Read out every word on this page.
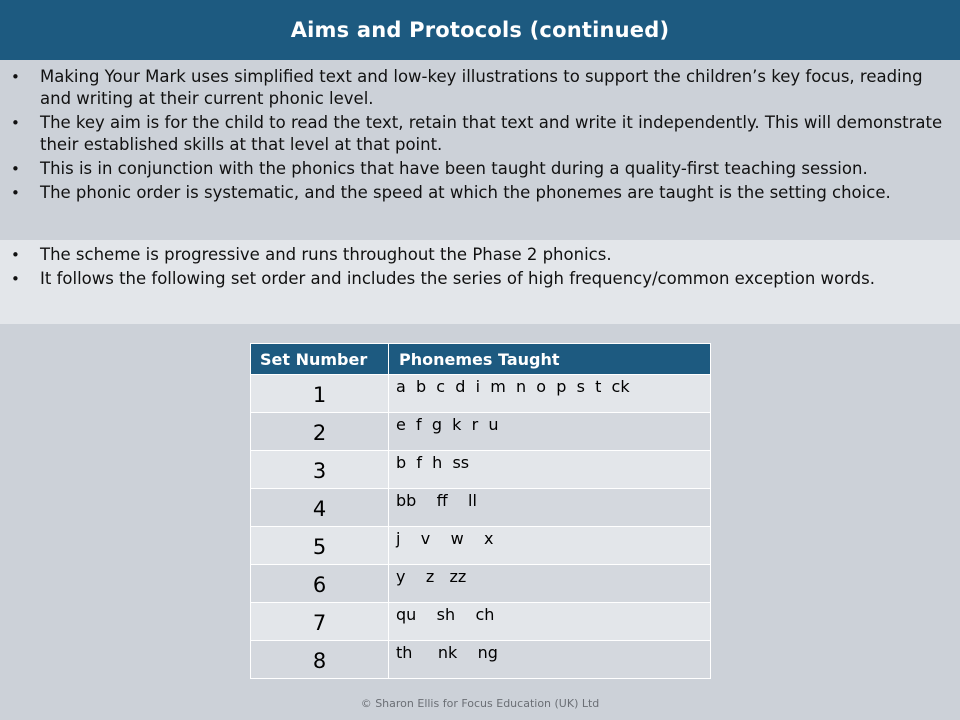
Aims and Protocols (continued)
• Making Your Mark uses simplified text and low-key illustrations to support the children’s key focus, reading and writing at their current phonic level.
• The key aim is for the child to read the text, retain that text and write it independently. This will demonstrate their established skills at that level at that point.
• This is in conjunction with the phonics that have been taught during a quality-first teaching session.
• The phonic order is systematic, and the speed at which the phonemes are taught is the setting choice.
• The scheme is progressive and runs throughout the Phase 2 phonics.
• It follows the following set order and includes the series of high frequency/common exception words.
Set Number	Phonemes Taught
1	a  b  c  d  i  m  n  o  p  s  t  ck
2	e  f  g  k  r  u
3	b  f  h  ss
4	bb    ff    ll
5	j    v    w    x
6	y    z   zz
7	qu    sh    ch
8	th     nk    ng
© Sharon Ellis for Focus Education (UK) Ltd
